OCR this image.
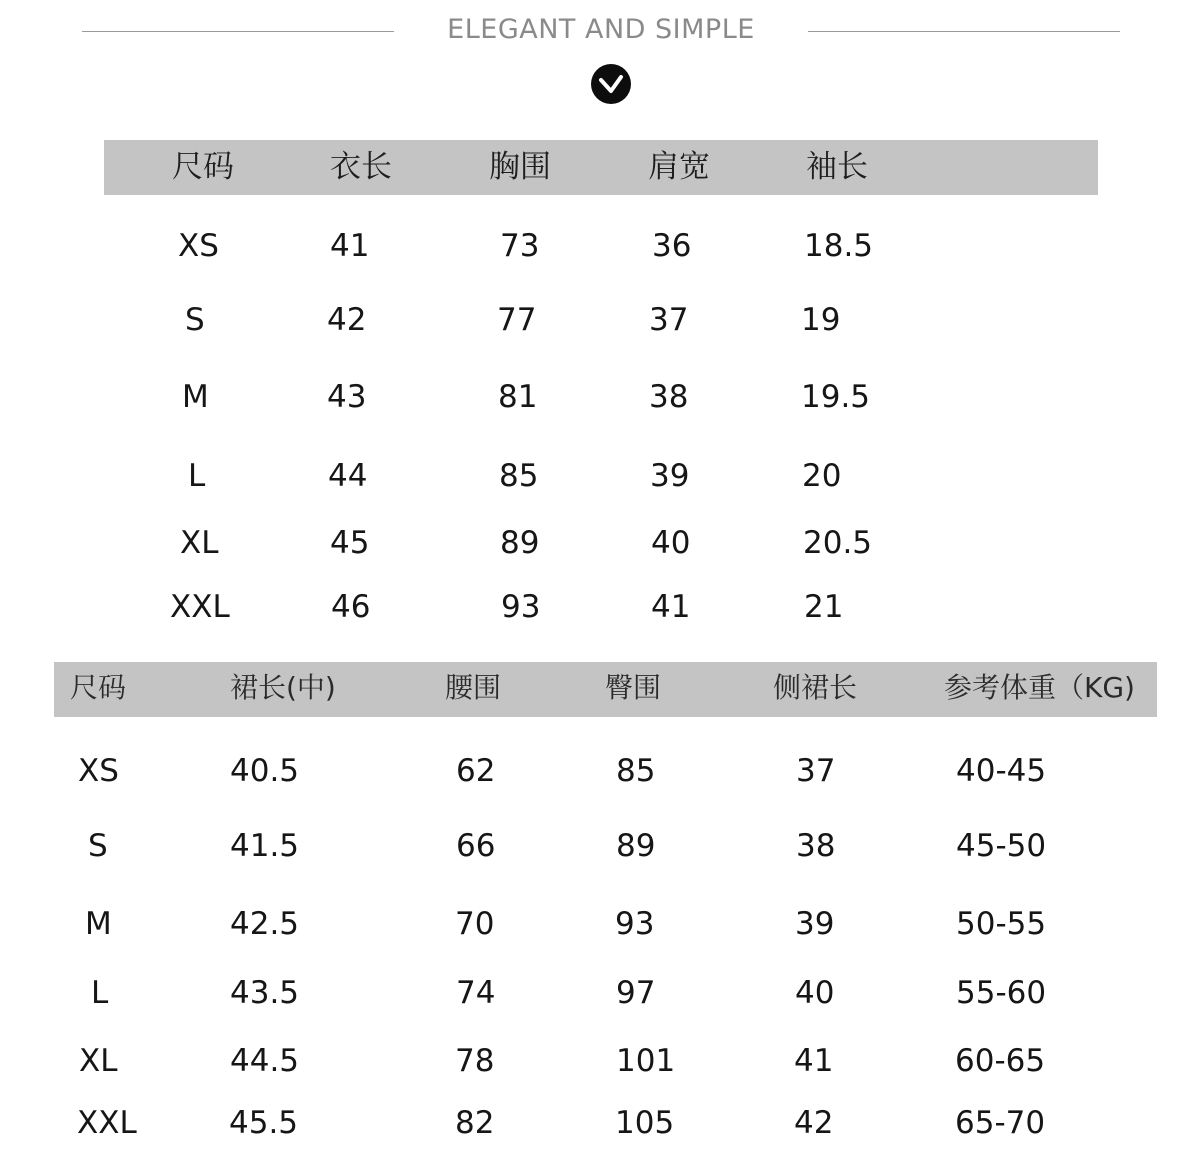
ELEGANT AND SIMPLE
尺码	衣长	胸围	肩宽	袖长
XS	41	73	36	18.5
S	42	77	37	19
M	43	81	38	19.5
L	44	85	39	20
XL	45	89	40	20.5
XXL	46	93	41	21
尺码	裙长(中)	腰围	臀围	侧裙长	参考体重（KG)
XS	40.5	62	85	37	40-45
S	41.5	66	89	38	45-50
M	42.5	70	93	39	50-55
L	43.5	74	97	40	55-60
XL	44.5	78	101	41	60-65
XXL	45.5	82	105	42	65-70
